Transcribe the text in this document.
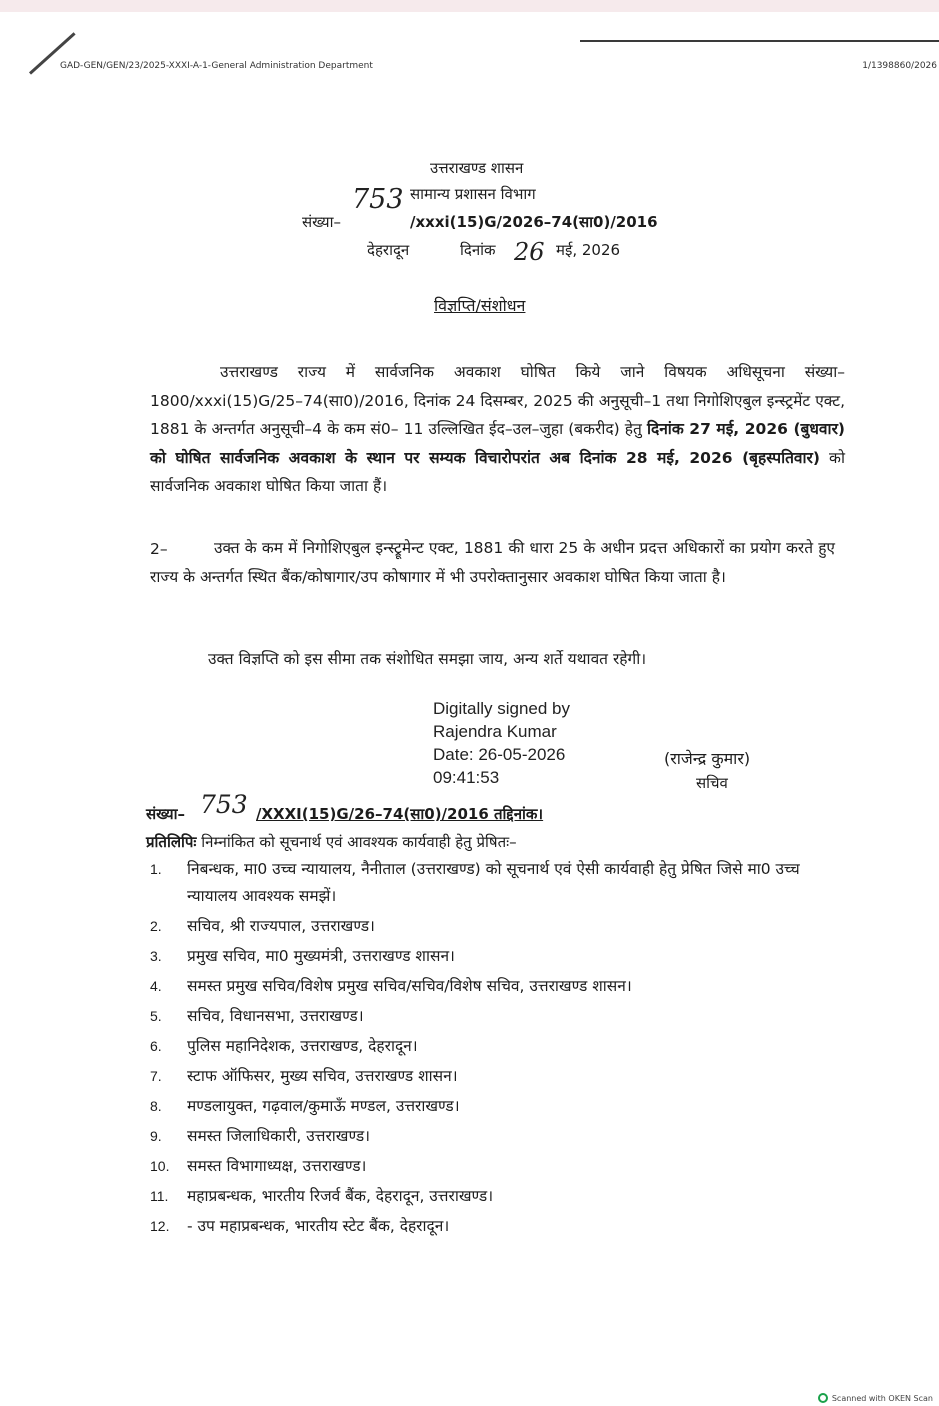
GAD-GEN/GEN/23/2025-XXXI-A-1-General Administration Department	1/1398860/2026
उत्तराखण्ड शासन
753 सामान्य प्रशासन विभाग
संख्या–	/xxxi(15)G/2026–74(सा0)/2016
देहरादून	दिनांक 26 मई, 2026
विज्ञप्ति/संशोधन
उत्तराखण्ड राज्य में सार्वजनिक अवकाश घोषित किये जाने विषयक अधिसूचना संख्या– 1800/xxxi(15)G/25–74(सा0)/2016, दिनांक 24 दिसम्बर, 2025 की अनुसूची–1 तथा निगोशिएबुल इन्स्ट्रमेंट एक्ट, 1881 के अन्तर्गत अनुसूची–4 के कम सं0– 11 उल्लिखित ईद–उल–जुहा (बकरीद) हेतु दिनांक 27 मई, 2026 (बुधवार) को घोषित सार्वजनिक अवकाश के स्थान पर सम्यक विचारोपरांत अब दिनांक 28 मई, 2026 (बृहस्पतिवार) को सार्वजनिक अवकाश घोषित किया जाता हैं।
2–	उक्त के कम में निगोशिएबुल इन्स्ट्रूमेन्ट एक्ट, 1881 की धारा 25 के अधीन प्रदत्त अधिकारों का प्रयोग करते हुए राज्य के अन्तर्गत स्थित बैंक/कोषागार/उप कोषागार में भी उपरोक्तानुसार अवकाश घोषित किया जाता है।
उक्त विज्ञप्ति को इस सीमा तक संशोधित समझा जाय, अन्य शर्ते यथावत रहेगी।
Digitally signed by
Rajendra Kumar
Date: 26-05-2026
09:41:53
(राजेन्द्र कुमार)
सचिव
संख्या– 753 /XXXI(15)G/26–74(सा0)/2016 तद्दिनांक।
प्रतिलिपिः निम्नांकित को सूचनार्थ एवं आवश्यक कार्यवाही हेतु प्रेषितः–
1. निबन्धक, मा0 उच्च न्यायालय, नैनीताल (उत्तराखण्ड) को सूचनार्थ एवं ऐसी कार्यवाही हेतु प्रेषित जिसे मा0 उच्च न्यायालय आवश्यक समझें।
2. सचिव, श्री राज्यपाल, उत्तराखण्ड।
3. प्रमुख सचिव, मा0 मुख्यमंत्री, उत्तराखण्ड शासन।
4. समस्त प्रमुख सचिव/विशेष प्रमुख सचिव/सचिव/विशेष सचिव, उत्तराखण्ड शासन।
5. सचिव, विधानसभा, उत्तराखण्ड।
6. पुलिस महानिदेशक, उत्तराखण्ड, देहरादून।
7. स्टाफ ऑफिसर, मुख्य सचिव, उत्तराखण्ड शासन।
8. मण्डलायुक्त, गढ़वाल/कुमाऊँ मण्डल, उत्तराखण्ड।
9. समस्त जिलाधिकारी, उत्तराखण्ड।
10. समस्त विभागाध्यक्ष, उत्तराखण्ड।
11. महाप्रबन्धक, भारतीय रिजर्व बैंक, देहरादून, उत्तराखण्ड।
12. - उप महाप्रबन्धक, भारतीय स्टेट बैंक, देहरादून।
Scanned with OKEN Scan
